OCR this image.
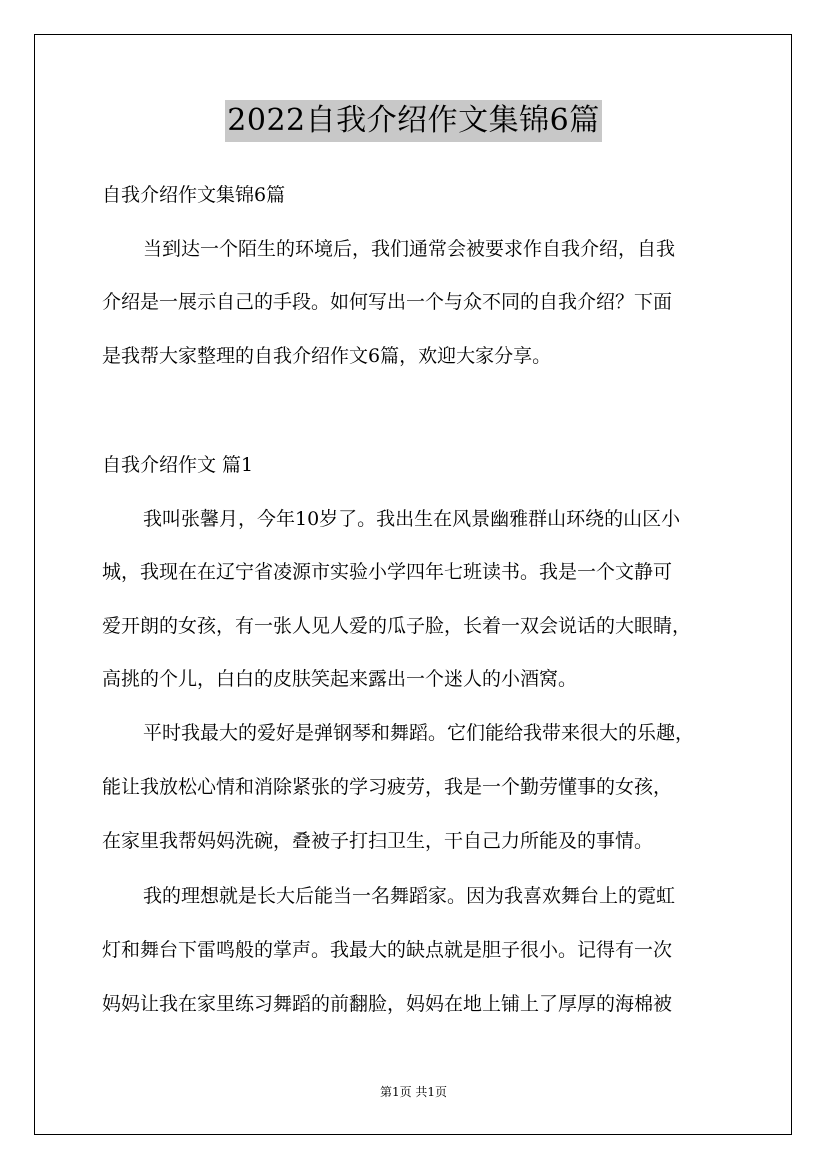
2022自我介绍作文集锦6篇
自我介绍作文集锦6篇
当到达一个陌生的环境后，我们通常会被要求作自我介绍，自我
介绍是一展示自己的手段。如何写出一个与众不同的自我介绍？下面
是我帮大家整理的自我介绍作文6篇，欢迎大家分享。
自我介绍作文 篇1
我叫张馨月，今年10岁了。我出生在风景幽雅群山环绕的山区小
城，我现在在辽宁省凌源市实验小学四年七班读书。我是一个文静可
爱开朗的女孩，有一张人见人爱的瓜子脸，长着一双会说话的大眼睛，
高挑的个儿，白白的皮肤笑起来露出一个迷人的小酒窝。
平时我最大的爱好是弹钢琴和舞蹈。它们能给我带来很大的乐趣，
能让我放松心情和消除紧张的学习疲劳，我是一个勤劳懂事的女孩，
在家里我帮妈妈洗碗，叠被子打扫卫生，干自己力所能及的事情。
我的理想就是长大后能当一名舞蹈家。因为我喜欢舞台上的霓虹
灯和舞台下雷鸣般的掌声。我最大的缺点就是胆子很小。记得有一次
妈妈让我在家里练习舞蹈的前翻脸，妈妈在地上铺上了厚厚的海棉被
第1页 共1页
